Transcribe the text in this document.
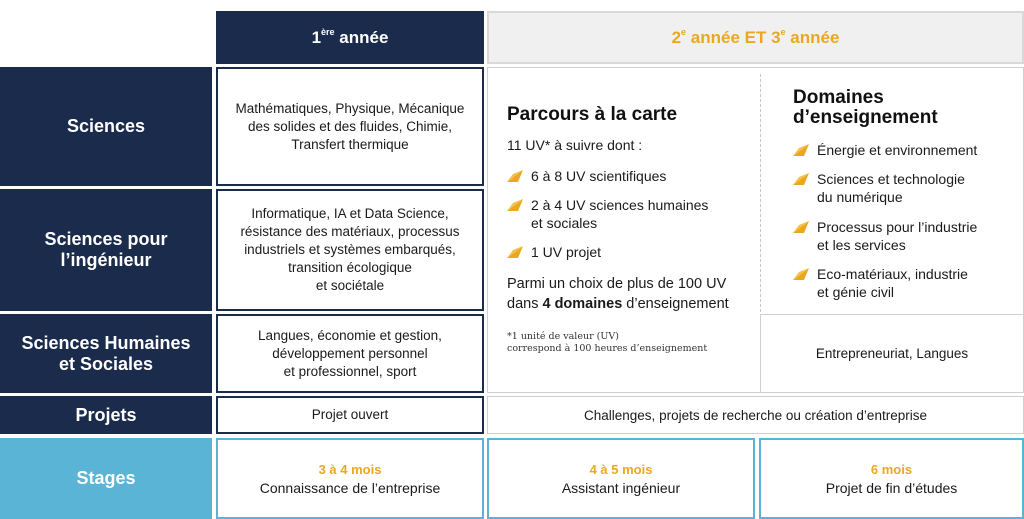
1ère année	2e année ET 3e année
Sciences
Sciences pour
l’ingénieur
Sciences Humaines
et Sociales
Projets
Stages
Mathématiques, Physique, Mécanique
des solides et des fluides, Chimie,
Transfert thermique
Informatique, IA et Data Science,
résistance des matériaux, processus
industriels et systèmes embarqués,
transition écologique
et sociétale
Langues, économie et gestion,
développement personnel
et professionnel, sport
Projet ouvert
Entrepreneuriat, Langues
Parcours à la carte
11 UV* à suivre dont :
6 à 8 UV scientifiques
2 à 4 UV sciences humaines
et sociales
1 UV projet
Parmi un choix de plus de 100 UV
dans 4 domaines d’enseignement
*1 unité de valeur (UV)
correspond à 100 heures d’enseignement
Domaines
d’enseignement
Énergie et environnement
Sciences et technologie
du numérique
Processus pour l’industrie
et les services
Eco-matériaux, industrie
et génie civil
Challenges, projets de recherche ou création d’entreprise
3 à 4 mois
Connaissance de l’entreprise
4 à 5 mois
Assistant ingénieur
6 mois
Projet de fin d’études
